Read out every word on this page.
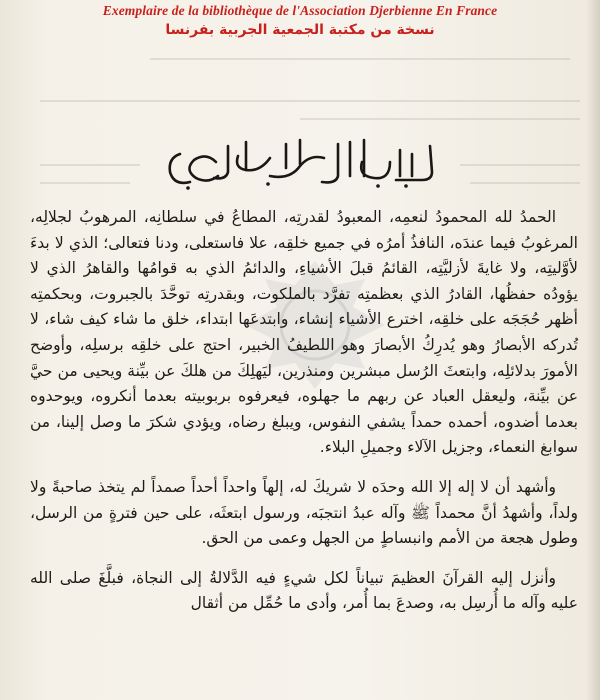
Exemplaire de la bibliothèque de l'Association Djerbienne En France
نسخة من مكتبة الجمعية الجربية بفرنسا

الحمدُ لله المحمودُ لنعمِه، المعبودُ لقدرتِه، المطاعُ في سلطانِه، المرهوبُ لجلالِه، المرغوبُ فيما عندَه، النافذُ أمرُه في جميع خلقِه، علا فاستعلى، ودنا فتعالى؛ الذي لا بدءَ لأوَّليتِه، ولا غايةَ لأزليَّتِه، القائمُ قبلَ الأشياءِ، والدائمُ الذي به قوامُها والقاهرُ الذي لا يؤودُه حفظُها، القادرُ الذي بعظمتِه تفرَّد بالملكوت، وبقدرتِه توحَّدَ بالجبروت، وبحكمتِه أظهر حُجَجَه على خلقِه، اخترع الأشياء إنشاء، وابتدعَها ابتداء، خلق ما شاء كيف شاء، لا تُدركه الأبصارُ وهو يُدرِكُ الأبصارَ وهو اللطيفُ الخبير، احتج على خلقِه برسلِه، وأوضح الأمورَ بدلائلِه، وابتعثَ الرُسل مبشرين ومنذرين، ليَهلِكَ من هلكَ عن بيِّنة ويحيى من حيَّ عن بيِّنة، وليعقل العباد عن ربهم ما جهلوه، فيعرفوه بربوبيته بعدما أنكروه، ويوحدوه بعدما أضدوه، أحمده حمداً يشفي النفوس، ويبلغ رضاه، ويؤدي شكرَ ما وصل إلينا، من سوابغ النعماء، وجزيل الآلاء وجميلِ البلاء.

وأشهد أن لا إله إلا الله وحدَه لا شريكَ له، إلهاً واحداً أحداً صمداً لم يتخذ صاحبةً ولا ولداً، وأشهدُ أنَّ محمداً ﷺ وآله عبدُ انتجبَه، ورسول ابتعثَه، على حين فترةٍ من الرسل، وطول هجعة من الأمم وانبساطٍ من الجهل وعمى من الحق.

وأنزل إليه القرآنَ العظيمَ تبياناً لكل شيءٍ فيه الدَّلالةُ إلى النجاة، فبلَّغَ صلى الله عليه وآله ما أُرسِل به، وصدعَ بما أُمر، وأدى ما حُمِّل من أثقال
